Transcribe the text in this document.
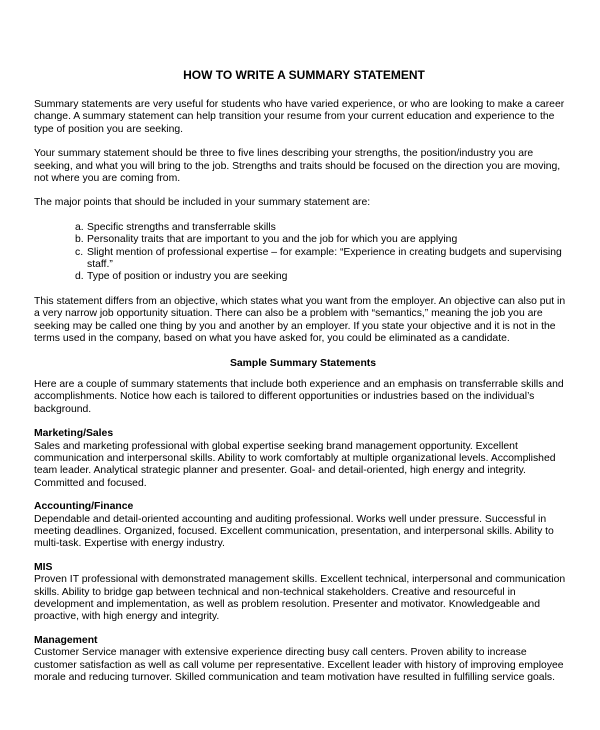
HOW TO WRITE A SUMMARY STATEMENT

Summary statements are very useful for students who have varied experience, or who are looking to make a career change. A summary statement can help transition your resume from your current education and experience to the type of position you are seeking.

Your summary statement should be three to five lines describing your strengths, the position/industry you are seeking, and what you will bring to the job. Strengths and traits should be focused on the direction you are moving, not where you are coming from.

The major points that should be included in your summary statement are:

a. Specific strengths and transferrable skills
b. Personality traits that are important to you and the job for which you are applying
c. Slight mention of professional expertise – for example: “Experience in creating budgets and supervising staff.”
d. Type of position or industry you are seeking

This statement differs from an objective, which states what you want from the employer. An objective can also put in a very narrow job opportunity situation. There can also be a problem with “semantics,” meaning the job you are seeking may be called one thing by you and another by an employer. If you state your objective and it is not in the terms used in the company, based on what you have asked for, you could be eliminated as a candidate.

Sample Summary Statements

Here are a couple of summary statements that include both experience and an emphasis on transferrable skills and accomplishments. Notice how each is tailored to different opportunities or industries based on the individual’s background.

Marketing/Sales
Sales and marketing professional with global expertise seeking brand management opportunity. Excellent communication and interpersonal skills. Ability to work comfortably at multiple organizational levels. Accomplished team leader. Analytical strategic planner and presenter. Goal- and detail-oriented, high energy and integrity. Committed and focused.
Accounting/Finance
Dependable and detail-oriented accounting and auditing professional. Works well under pressure. Successful in meeting deadlines. Organized, focused. Excellent communication, presentation, and interpersonal skills. Ability to multi-task. Expertise with energy industry.
MIS
Proven IT professional with demonstrated management skills. Excellent technical, interpersonal and communication skills. Ability to bridge gap between technical and non-technical stakeholders. Creative and resourceful in development and implementation, as well as problem resolution. Presenter and motivator. Knowledgeable and proactive, with high energy and integrity.
Management
Customer Service manager with extensive experience directing busy call centers. Proven ability to increase customer satisfaction as well as call volume per representative. Excellent leader with history of improving employee morale and reducing turnover. Skilled communication and team motivation have resulted in fulfilling service goals.
